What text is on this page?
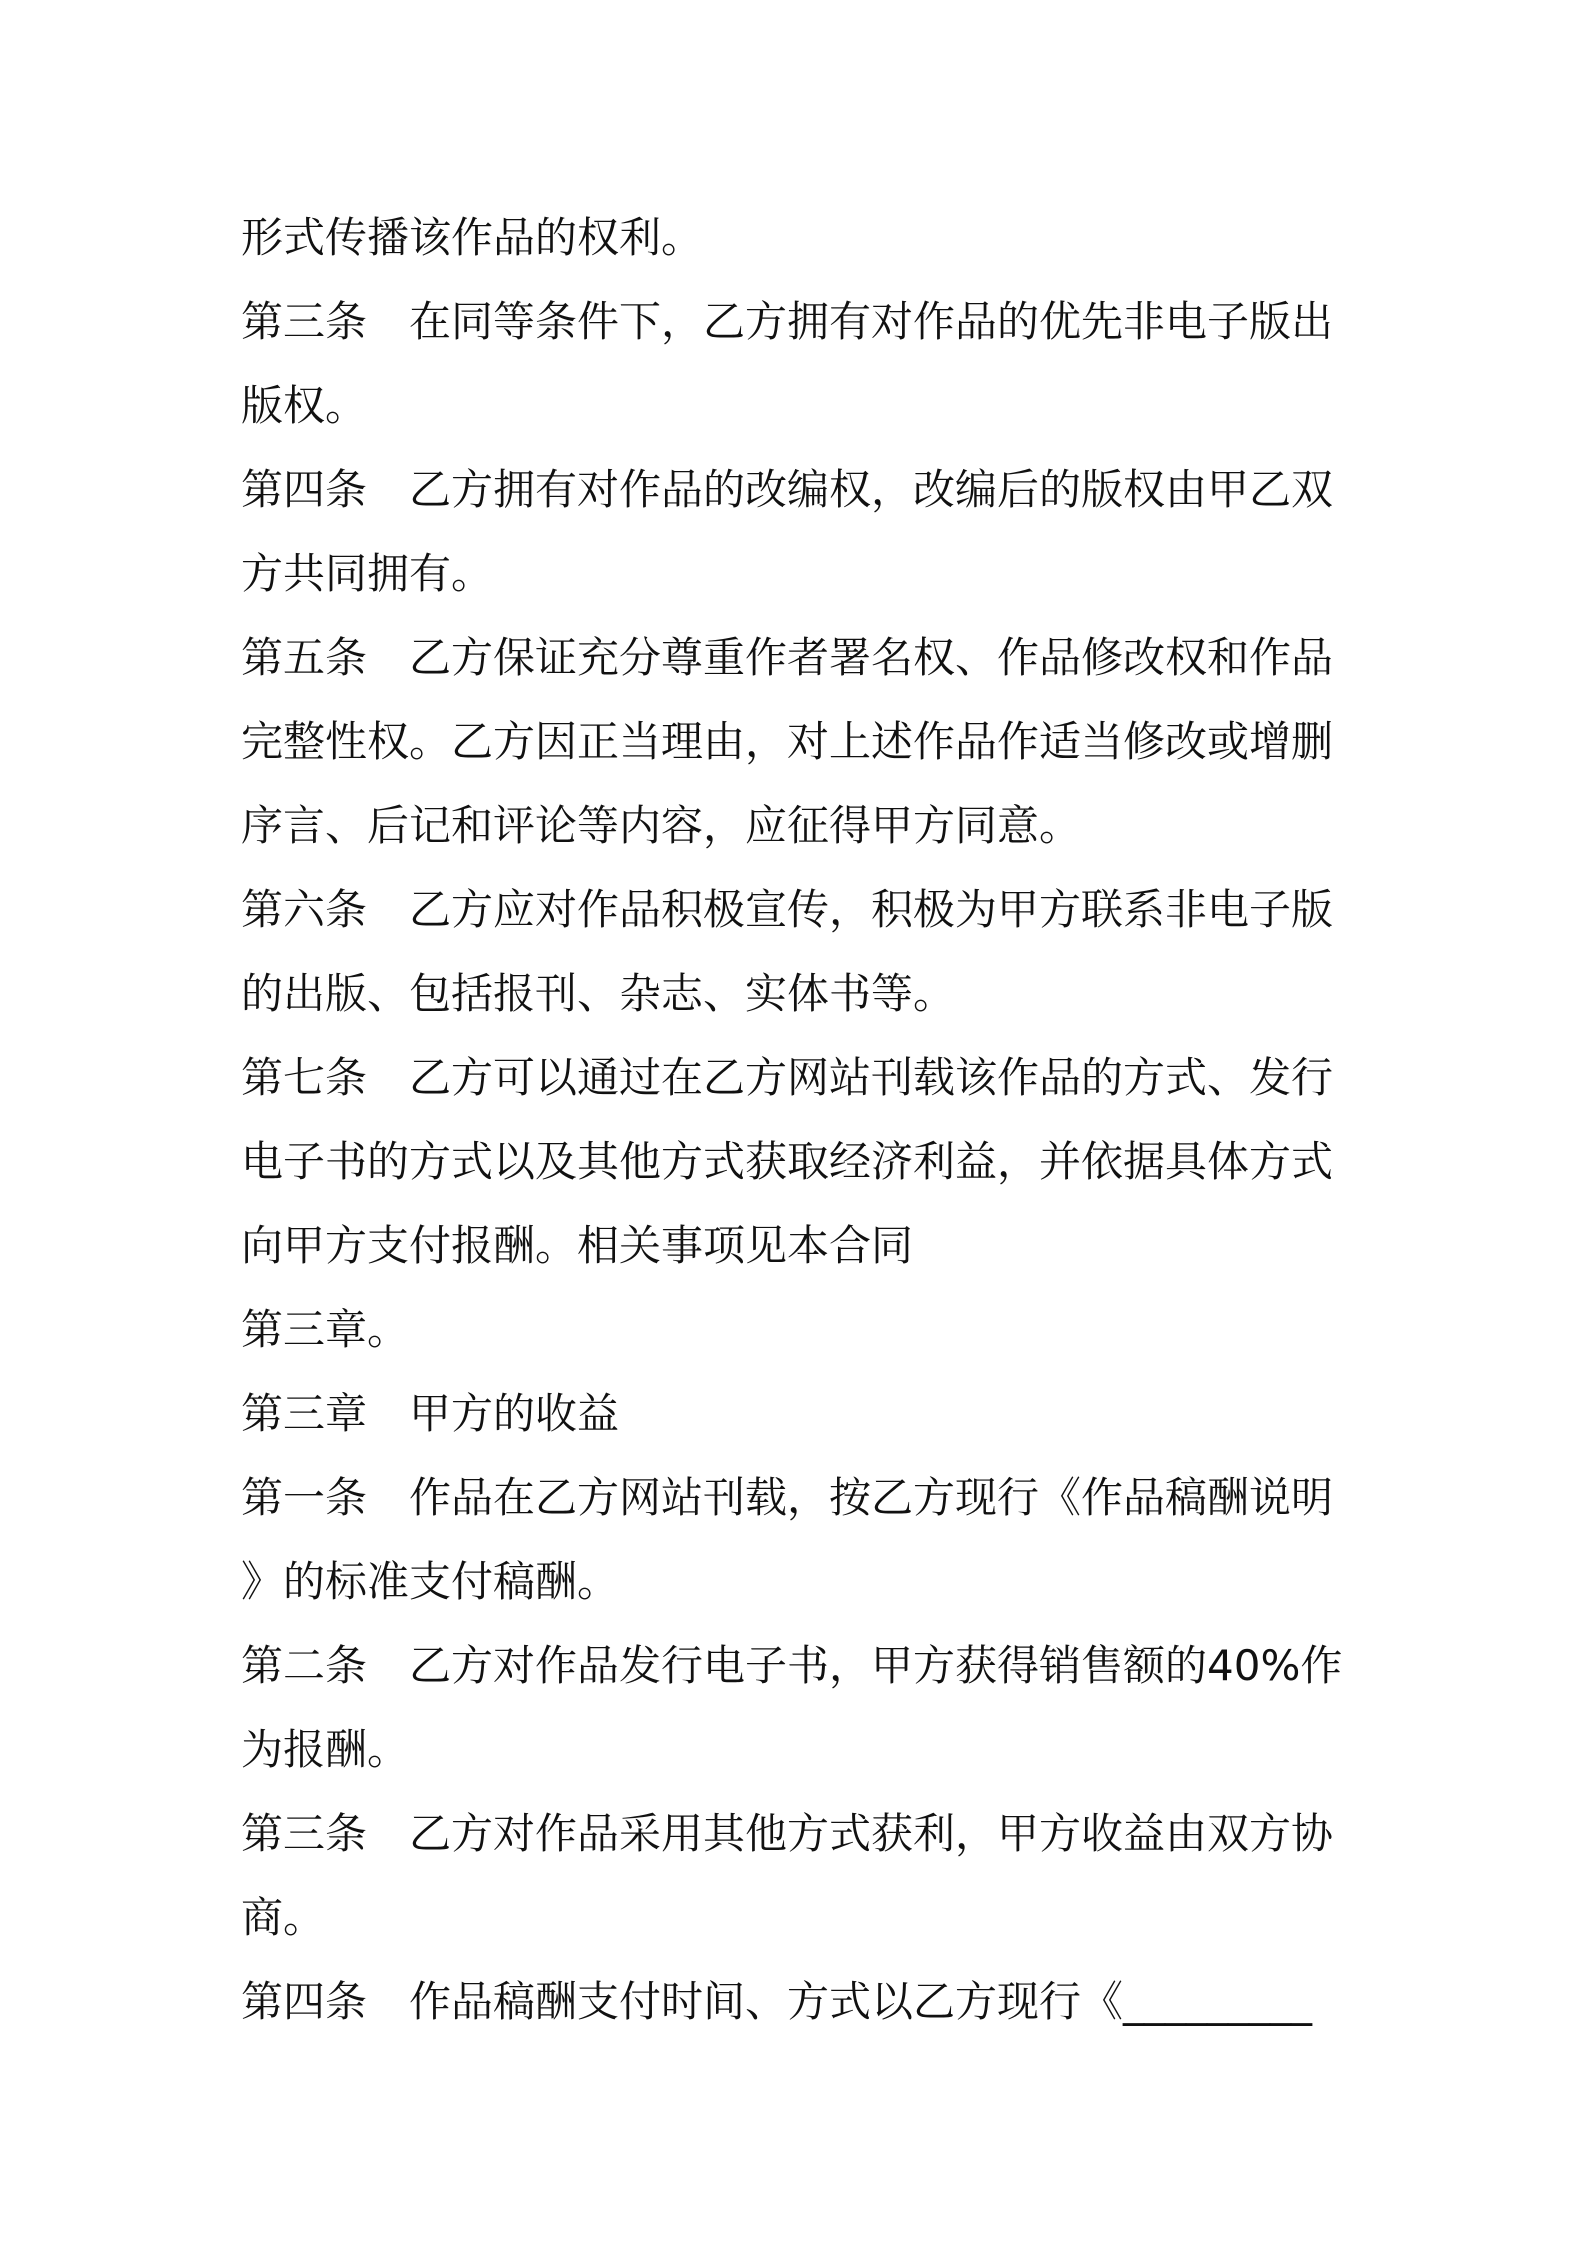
形式传播该作品的权利。
第三条　在同等条件下，乙方拥有对作品的优先非电子版出
版权。
第四条　乙方拥有对作品的改编权，改编后的版权由甲乙双
方共同拥有。
第五条　乙方保证充分尊重作者署名权、作品修改权和作品
完整性权。乙方因正当理由，对上述作品作适当修改或增删
序言、后记和评论等内容，应征得甲方同意。
第六条　乙方应对作品积极宣传，积极为甲方联系非电子版
的出版、包括报刊、杂志、实体书等。
第七条　乙方可以通过在乙方网站刊载该作品的方式、发行
电子书的方式以及其他方式获取经济利益，并依据具体方式
向甲方支付报酬。相关事项见本合同
第三章。
第三章　甲方的收益
第一条　作品在乙方网站刊载，按乙方现行《作品稿酬说明
》的标准支付稿酬。
第二条　乙方对作品发行电子书，甲方获得销售额的40%作
为报酬。
第三条　乙方对作品采用其他方式获利，甲方收益由双方协
商。
第四条　作品稿酬支付时间、方式以乙方现行《_________
